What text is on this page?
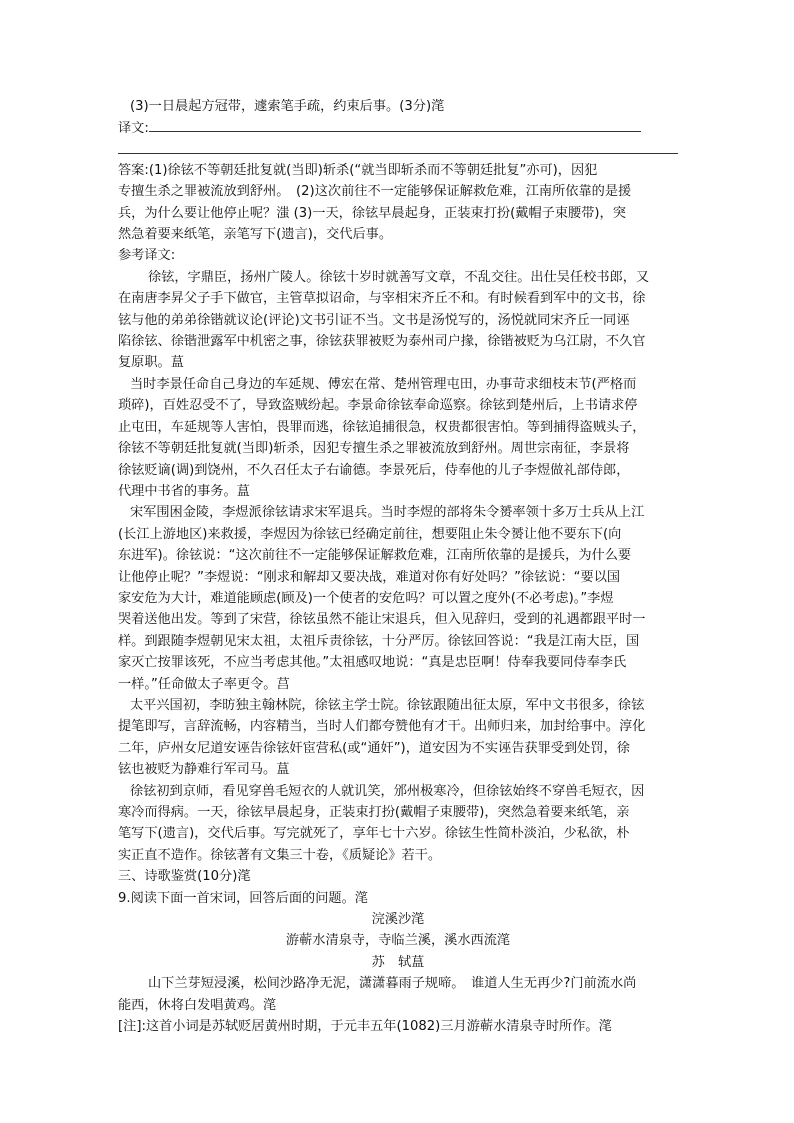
(3)一日晨起方冠带，遽索笔手疏，约束后事。(3分)滗
译文:
答案:(1)徐铉不等朝廷批复就(当即)斩杀(“就当即斩杀而不等朝廷批复”亦可)，因犯
专擅生杀之罪被流放到舒州。　(2)这次前往不一定能够保证解救危难，江南所依靠的是援
兵，为什么要让他停止呢？滍 (3)一天，徐铉早晨起身，正装束打扮(戴帽子束腰带)，突
然急着要来纸笔，亲笔写下(遗言)，交代后事。
参考译文:
徐铉，字鼎臣，扬州广陵人。徐铉十岁时就善写文章，不乱交往。出仕吴任校书郎，又
在南唐李昇父子手下做官，主管草拟诏命，与宰相宋齐丘不和。有时候看到军中的文书，徐
铉与他的弟弟徐锴就议论(评论)文书引证不当。文书是汤悦写的，汤悦就同宋齐丘一同诬
陷徐铉、徐锴泄露军中机密之事，徐铉获罪被贬为泰州司户掾，徐锴被贬为乌江尉，不久官
复原职。蒀
当时李景任命自己身边的车延规、傅宏在常、楚州管理屯田，办事苛求细枝末节(严格而
琐碎)，百姓忍受不了，导致盗贼纷起。李景命徐铉奉命巡察。徐铉到楚州后，上书请求停
止屯田，车延规等人害怕，畏罪而逃，徐铉追捕很急，权贵都很害怕。等到捕得盗贼头子，
徐铉不等朝廷批复就(当即)斩杀，因犯专擅生杀之罪被流放到舒州。周世宗南征，李景将
徐铉贬谪(调)到饶州，不久召任太子右谕德。李景死后，侍奉他的儿子李煜做礼部侍郎，
代理中书省的事务。蒀
宋军围困金陵，李煜派徐铉请求宋军退兵。当时李煜的部将朱令赟率领十多万士兵从上江
(长江上游地区)来救援，李煜因为徐铉已经确定前往，想要阻止朱令赟让他不要东下(向
东进军)。徐铉说：“这次前往不一定能够保证解救危难，江南所依靠的是援兵，为什么要
让他停止呢？”李煜说：“刚求和解却又要决战，难道对你有好处吗？”徐铉说：“要以国
家安危为大计，难道能顾虑(顾及)一个使者的安危吗？可以置之度外(不必考虑)。”李煜
哭着送他出发。等到了宋营，徐铉虽然不能让宋退兵，但入见辞归，受到的礼遇都跟平时一
样。到跟随李煜朝见宋太祖，太祖斥责徐铉，十分严厉。徐铉回答说：“我是江南大臣，国
家灭亡按罪该死，不应当考虑其他。”太祖感叹地说：“真是忠臣啊！侍奉我要同侍奉李氏
一样。”任命做太子率更令。莒
太平兴国初，李昉独主翰林院，徐铉主学士院。徐铉跟随出征太原，军中文书很多，徐铉
提笔即写，言辞流畅，内容精当，当时人们都夸赞他有才干。出师归来，加封给事中。淳化
二年，庐州女尼道安诬告徐铉奸宦营私(或“通奸”)，道安因为不实诬告获罪受到处罚，徐
铉也被贬为静难行军司马。蒀
徐铉初到京师，看见穿兽毛短衣的人就讥笑，邠州极寒冷，但徐铉始终不穿兽毛短衣，因
寒冷而得病。一天，徐铉早晨起身，正装束打扮(戴帽子束腰带)，突然急着要来纸笔，亲
笔写下(遗言)，交代后事。写完就死了，享年七十六岁。徐铉生性简朴淡泊，少私欲，朴
实正直不造作。徐铉著有文集三十卷，《质疑论》若干。
三、诗歌鉴赏(10分)滗
9.阅读下面一首宋词，回答后面的问题。滗
浣溪沙滗
游蕲水清泉寺，寺临兰溪，溪水西流滗
苏　轼蒀
山下兰芽短浸溪，松间沙路净无泥，潇潇暮雨子规啼。　谁道人生无再少?门前流水尚
能西，休将白发唱黄鸡。滗
[注]:这首小词是苏轼贬居黄州时期，于元丰五年(1082)三月游蕲水清泉寺时所作。滗
